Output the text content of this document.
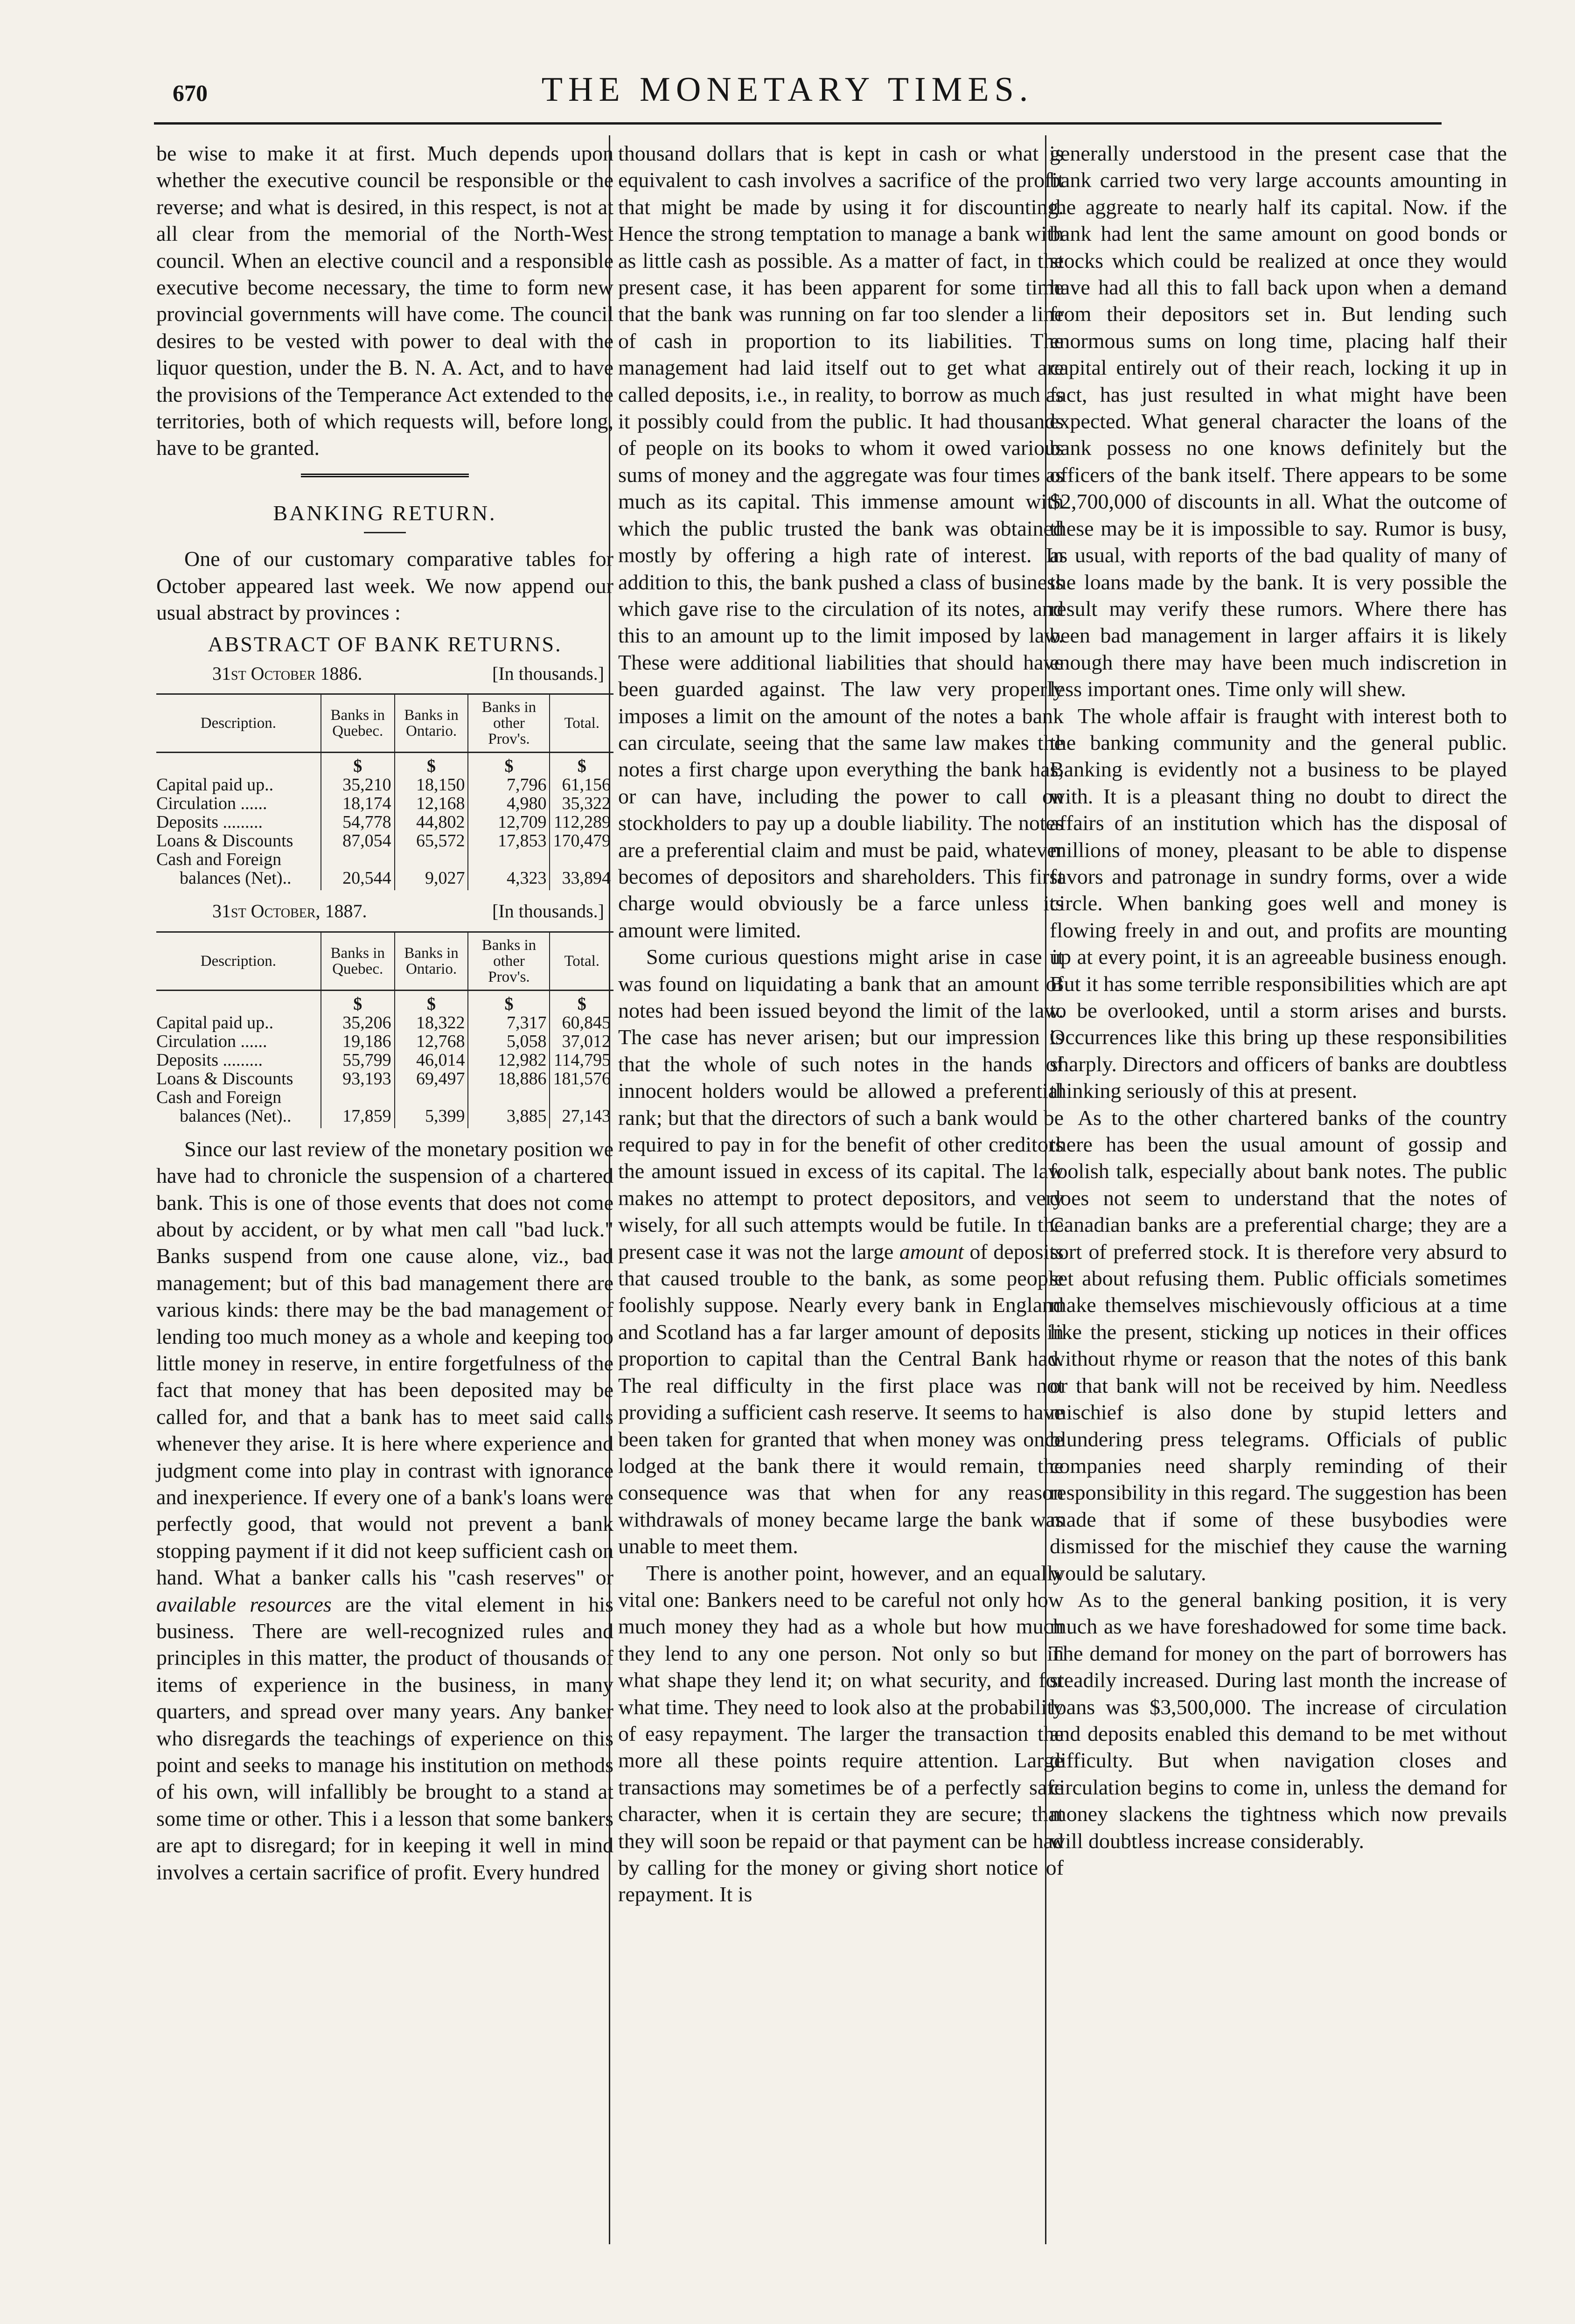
670	THE MONETARY TIMES.

be wise to make it at first. Much depends upon whether the executive council be responsible or the reverse; and what is desired, in this respect, is not at all clear from the memorial of the North-West council. When an elective council and a responsible executive become necessary, the time to form new provincial governments will have come. The council desires to be vested with power to deal with the liquor question, under the B. N. A. Act, and to have the provisions of the Temperance Act extended to the territories, both of which requests will, before long, have to be granted.

BANKING RETURN.

One of our customary comparative tables for October appeared last week. We now append our usual abstract by provinces :

ABSTRACT OF BANK RETURNS.
31st October 1886.	[In thousands.]
Description.	Banks in Quebec.	Banks in Ontario.	Banks in other Prov's.	Total.
	$	$	$	$
Capital paid up..	35,210	18,150	7,796	61,156
Circulation ......	18,174	12,168	4,980	35,322
Deposits .........	54,778	44,802	12,709	112,289
Loans & Discounts	87,054	65,572	17,853	170,479
Cash and Foreign				
balances (Net)..	20,544	9,027	4,323	33,894
31st October, 1887.	[In thousands.]
Description.	Banks in Quebec.	Banks in Ontario.	Banks in other Prov's.	Total.
	$	$	$	$
Capital paid up..	35,206	18,322	7,317	60,845
Circulation ......	19,186	12,768	5,058	37,012
Deposits .........	55,799	46,014	12,982	114,795
Loans & Discounts	93,193	69,497	18,886	181,576
Cash and Foreign				
balances (Net)..	17,859	5,399	3,885	27,143

Since our last review of the monetary position we have had to chronicle the suspension of a chartered bank. This is one of those events that does not come about by accident, or by what men call "bad luck." Banks suspend from one cause alone, viz., bad management; but of this bad management there are various kinds: there may be the bad management of lending too much money as a whole and keeping too little money in reserve, in entire forgetfulness of the fact that money that has been deposited may be called for, and that a bank has to meet said calls whenever they arise. It is here where experience and judgment come into play in contrast with ignorance and inexperience. If every one of a bank's loans were perfectly good, that would not prevent a bank stopping payment if it did not keep sufficient cash on hand. What a banker calls his "cash reserves" or available resources are the vital element in his business. There are well-recognized rules and principles in this matter, the product of thousands of items of experience in the business, in many quarters, and spread over many years. Any banker who disregards the teachings of experience on this point and seeks to manage his institution on methods of his own, will infallibly be brought to a stand at some time or other. This i a lesson that some bankers are apt to disregard; for in keeping it well in mind involves a certain sacrifice of profit. Every hundred

thousand dollars that is kept in cash or what is equivalent to cash involves a sacrifice of the profit that might be made by using it for discounting. Hence the strong temptation to manage a bank with as little cash as possible. As a matter of fact, in the present case, it has been apparent for some time that the bank was running on far too slender a line of cash in proportion to its liabilities. The management had laid itself out to get what are called deposits, i.e., in reality, to borrow as much as it possibly could from the public. It had thousands of people on its books to whom it owed various sums of money and the aggregate was four times as much as its capital. This immense amount with which the public trusted the bank was obtained mostly by offering a high rate of interest. In addition to this, the bank pushed a class of business which gave rise to the circulation of its notes, and this to an amount up to the limit imposed by law. These were additional liabilities that should have been guarded against. The law very properly imposes a limit on the amount of the notes a bank can circulate, seeing that the same law makes the notes a first charge upon everything the bank has, or can have, including the power to call on stockholders to pay up a double liability. The notes are a preferential claim and must be paid, whatever becomes of depositors and shareholders. This first charge would obviously be a farce unless its amount were limited.

Some curious questions might arise in case it was found on liquidating a bank that an amount of notes had been issued beyond the limit of the law. The case has never arisen; but our impression is that the whole of such notes in the hands of innocent holders would be allowed a preferential rank; but that the directors of such a bank would be required to pay in for the benefit of other creditors the amount issued in excess of its capital. The law makes no attempt to protect depositors, and very wisely, for all such attempts would be futile. In the present case it was not the large amount of deposits that caused trouble to the bank, as some people foolishly suppose. Nearly every bank in England and Scotland has a far larger amount of deposits in proportion to capital than the Central Bank had. The real difficulty in the first place was not providing a sufficient cash reserve. It seems to have been taken for granted that when money was once lodged at the bank there it would remain, the consequence was that when for any reason withdrawals of money became large the bank was unable to meet them.

There is another point, however, and an equally vital one: Bankers need to be careful not only how much money they had as a whole but how much they lend to any one person. Not only so but in what shape they lend it; on what security, and for what time. They need to look also at the probability of easy repayment. The larger the transaction the more all these points require attention. Large transactions may sometimes be of a perfectly safe character, when it is certain they are secure; that they will soon be repaid or that payment can be had by calling for the money or giving short notice of repayment. It is

generally understood in the present case that the bank carried two very large accounts amounting in the aggreate to nearly half its capital. Now. if the bank had lent the same amount on good bonds or stocks which could be realized at once they would have had all this to fall back upon when a demand from their depositors set in. But lending such enormous sums on long time, placing half their capital entirely out of their reach, locking it up in fact, has just resulted in what might have been expected. What general character the loans of the bank possess no one knows definitely but the officers of the bank itself. There appears to be some $2,700,000 of discounts in all. What the outcome of these may be it is impossible to say. Rumor is busy, as usual, with reports of the bad quality of many of the loans made by the bank. It is very possible the result may verify these rumors. Where there has been bad management in larger affairs it is likely enough there may have been much indiscretion in less important ones. Time only will shew.

The whole affair is fraught with interest both to the banking community and the general public. Banking is evidently not a business to be played with. It is a pleasant thing no doubt to direct the affairs of an institution which has the disposal of millions of money, pleasant to be able to dispense favors and patronage in sundry forms, over a wide circle. When banking goes well and money is flowing freely in and out, and profits are mounting up at every point, it is an agreeable business enough. But it has some terrible responsibilities which are apt to be overlooked, until a storm arises and bursts. Occurrences like this bring up these responsibilities sharply. Directors and officers of banks are doubtless thinking seriously of this at present.

As to the other chartered banks of the country there has been the usual amount of gossip and foolish talk, especially about bank notes. The public does not seem to understand that the notes of Canadian banks are a preferential charge; they are a sort of preferred stock. It is therefore very absurd to set about refusing them. Public officials sometimes make themselves mischievously officious at a time like the present, sticking up notices in their offices without rhyme or reason that the notes of this bank or that bank will not be received by him. Needless mischief is also done by stupid letters and blundering press telegrams. Officials of public companies need sharply reminding of their responsibility in this regard. The suggestion has been made that if some of these busybodies were dismissed for the mischief they cause the warning would be salutary.

As to the general banking position, it is very much as we have foreshadowed for some time back. The demand for money on the part of borrowers has steadily increased. During last month the increase of loans was $3,500,000. The increase of circulation and deposits enabled this demand to be met without difficulty. But when navigation closes and circulation begins to come in, unless the demand for money slackens the tightness which now prevails will doubtless increase considerably.
